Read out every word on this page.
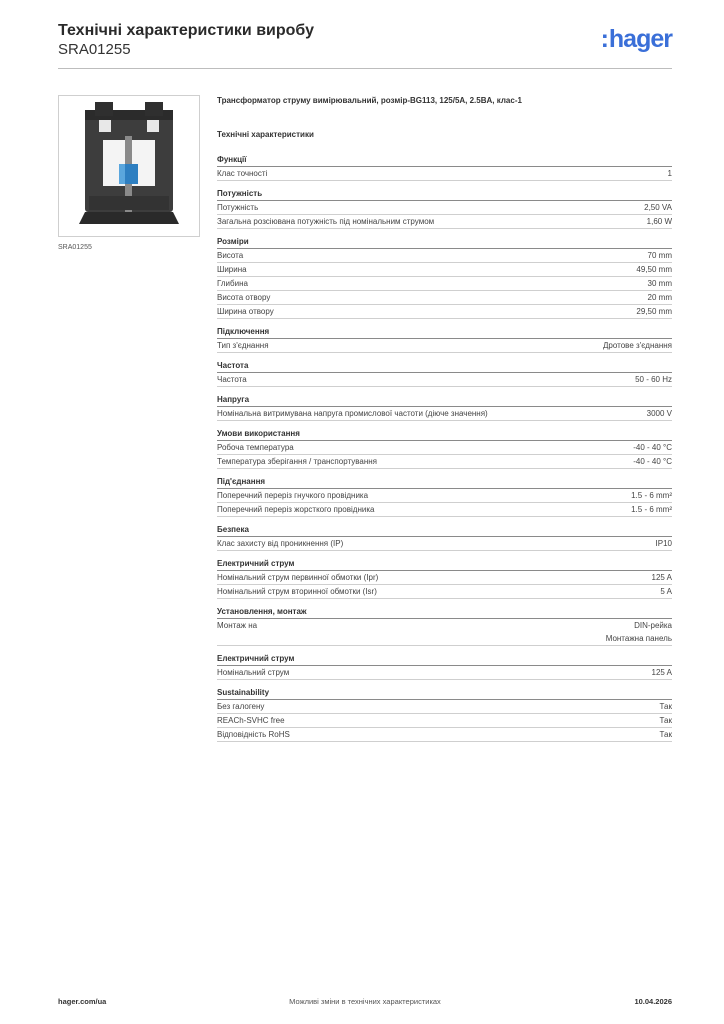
Технічні характеристики виробу
SRA01255	:hager
SRA01255
Трансформатор струму вимірювальний, розмір-BG113, 125/5A, 2.5BA, клас-1
Технічні характеристики
Функції
Клас точності	1
Потужність
Потужність	2,50 VA
Загальна розсіювана потужність під номінальним струмом	1,60 W
Розміри
Висота	70 mm
Ширина	49,50 mm
Глибина	30 mm
Висота отвору	20 mm
Ширина отвору	29,50 mm
Підключення
Тип з'єднання	Дротове з'єднання
Частота
Частота	50 - 60 Hz
Напруга
Номінальна витримувана напруга промислової частоти (діюче значення)	3000 V
Умови використання
Робоча температура	-40 - 40 °C
Температура зберігання / транспортування	-40 - 40 °C
Під'єднання
Поперечний переріз гнучкого провідника	1.5 - 6 mm²
Поперечний переріз жорсткого провідника	1.5 - 6 mm²
Безпека
Клас захисту від проникнення (IP)	IP10
Електричний струм
Номінальний струм первинної обмотки (Ipr)	125 A
Номінальний струм вторинної обмотки (Isr)	5 A
Установлення, монтаж
Монтаж на	DIN-рейка
Монтажна панель
Електричний струм
Номінальний струм	125 A
Sustainability
Без галогену	Так
REACh-SVHC free	Так
Відповідність RoHS	Так
hager.com/ua	Можливі зміни в технічних характеристиках	10.04.2026
